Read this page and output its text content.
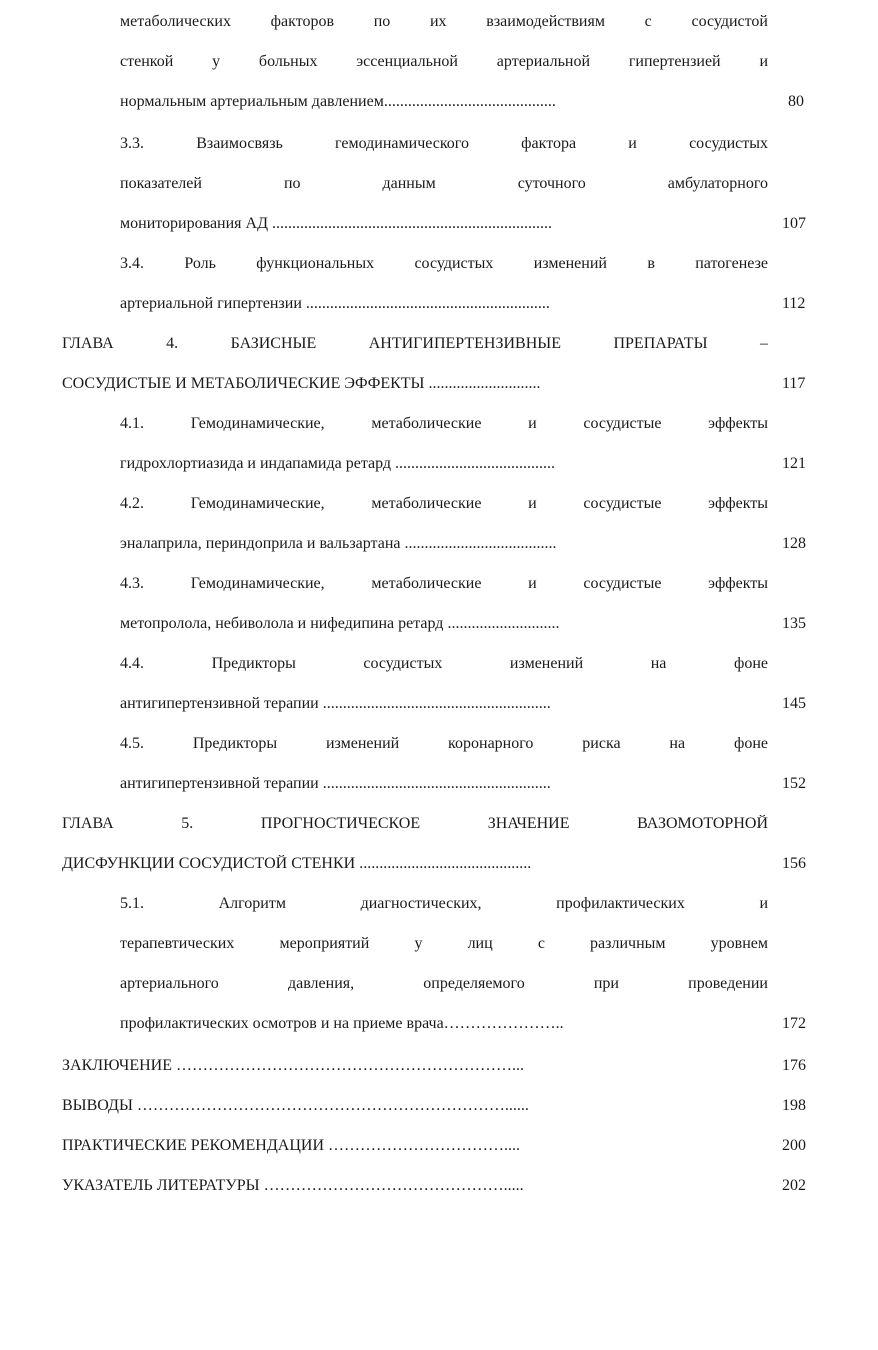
метаболических факторов по их взаимодействиям с сосудистой
стенкой у больных эссенциальной артериальной гипертензией и
нормальным артериальным давлением...........................................	80
3.3. Взаимосвязь гемодинамического фактора и сосудистых
показателей по данным суточного амбулаторного
мониторирования АД ......................................................................	107
3.4. Роль функциональных сосудистых изменений в патогенезе
артериальной гипертензии .............................................................	112
ГЛАВА 4. БАЗИСНЫЕ АНТИГИПЕРТЕНЗИВНЫЕ ПРЕПАРАТЫ –
СОСУДИСТЫЕ И МЕТАБОЛИЧЕСКИЕ ЭФФЕКТЫ ............................	117
4.1. Гемодинамические, метаболические и сосудистые эффекты
гидрохлортиазида и индапамида ретард ........................................	121
4.2. Гемодинамические, метаболические и сосудистые эффекты
эналаприла, периндоприла и вальзартана ......................................	128
4.3. Гемодинамические, метаболические и сосудистые эффекты
метопролола, небиволола и нифедипина ретард ............................	135
4.4. Предикторы сосудистых изменений на фоне
антигипертензивной терапии .........................................................	145
4.5. Предикторы изменений коронарного риска на фоне
антигипертензивной терапии .........................................................	152
ГЛАВА 5. ПРОГНОСТИЧЕСКОЕ ЗНАЧЕНИЕ ВАЗОМОТОРНОЙ
ДИСФУНКЦИИ СОСУДИСТОЙ СТЕНКИ ...........................................	156
5.1. Алгоритм диагностических, профилактических и
терапевтических мероприятий у лиц с различным уровнем
артериального давления, определяемого при проведении
профилактических осмотров и на приеме врача…………………..	172
ЗАКЛЮЧЕНИЕ ………………………………………………………...	176
ВЫВОДЫ ……………………………………………………………......	198
ПРАКТИЧЕСКИЕ РЕКОМЕНДАЦИИ ……………………………....	200
УКАЗАТЕЛЬ ЛИТЕРАТУРЫ ……………………………………….....	202
